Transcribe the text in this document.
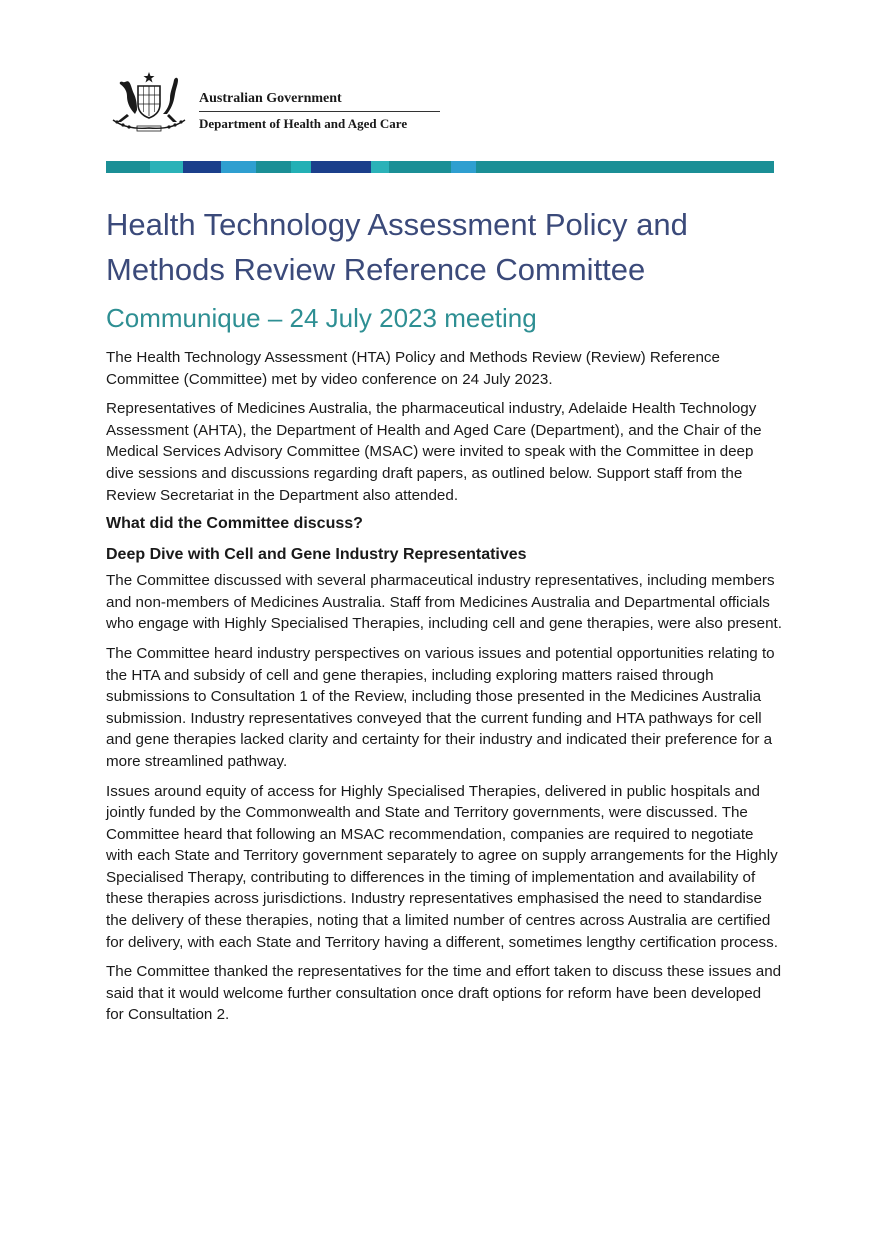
Australian Government
Department of Health and Aged Care
Health Technology Assessment Policy and Methods Review Reference Committee
Communique – 24 July 2023 meeting

The Health Technology Assessment (HTA) Policy and Methods Review (Review) Reference Committee (Committee) met by video conference on 24 July 2023.

Representatives of Medicines Australia, the pharmaceutical industry, Adelaide Health Technology Assessment (AHTA), the Department of Health and Aged Care (Department), and the Chair of the Medical Services Advisory Committee (MSAC) were invited to speak with the Committee in deep dive sessions and discussions regarding draft papers, as outlined below. Support staff from the Review Secretariat in the Department also attended.

What did the Committee discuss?
Deep Dive with Cell and Gene Industry Representatives

The Committee discussed with several pharmaceutical industry representatives, including members and non-members of Medicines Australia. Staff from Medicines Australia and Departmental officials who engage with Highly Specialised Therapies, including cell and gene therapies, were also present.

The Committee heard industry perspectives on various issues and potential opportunities relating to the HTA and subsidy of cell and gene therapies, including exploring matters raised through submissions to Consultation 1 of the Review, including those presented in the Medicines Australia submission. Industry representatives conveyed that the current funding and HTA pathways for cell and gene therapies lacked clarity and certainty for their industry and indicated their preference for a more streamlined pathway.

Issues around equity of access for Highly Specialised Therapies, delivered in public hospitals and jointly funded by the Commonwealth and State and Territory governments, were discussed. The Committee heard that following an MSAC recommendation, companies are required to negotiate with each State and Territory government separately to agree on supply arrangements for the Highly Specialised Therapy, contributing to differences in the timing of implementation and availability of these therapies across jurisdictions. Industry representatives emphasised the need to standardise the delivery of these therapies, noting that a limited number of centres across Australia are certified for delivery, with each State and Territory having a different, sometimes lengthy certification process.

The Committee thanked the representatives for the time and effort taken to discuss these issues and said that it would welcome further consultation once draft options for reform have been developed for Consultation 2.
